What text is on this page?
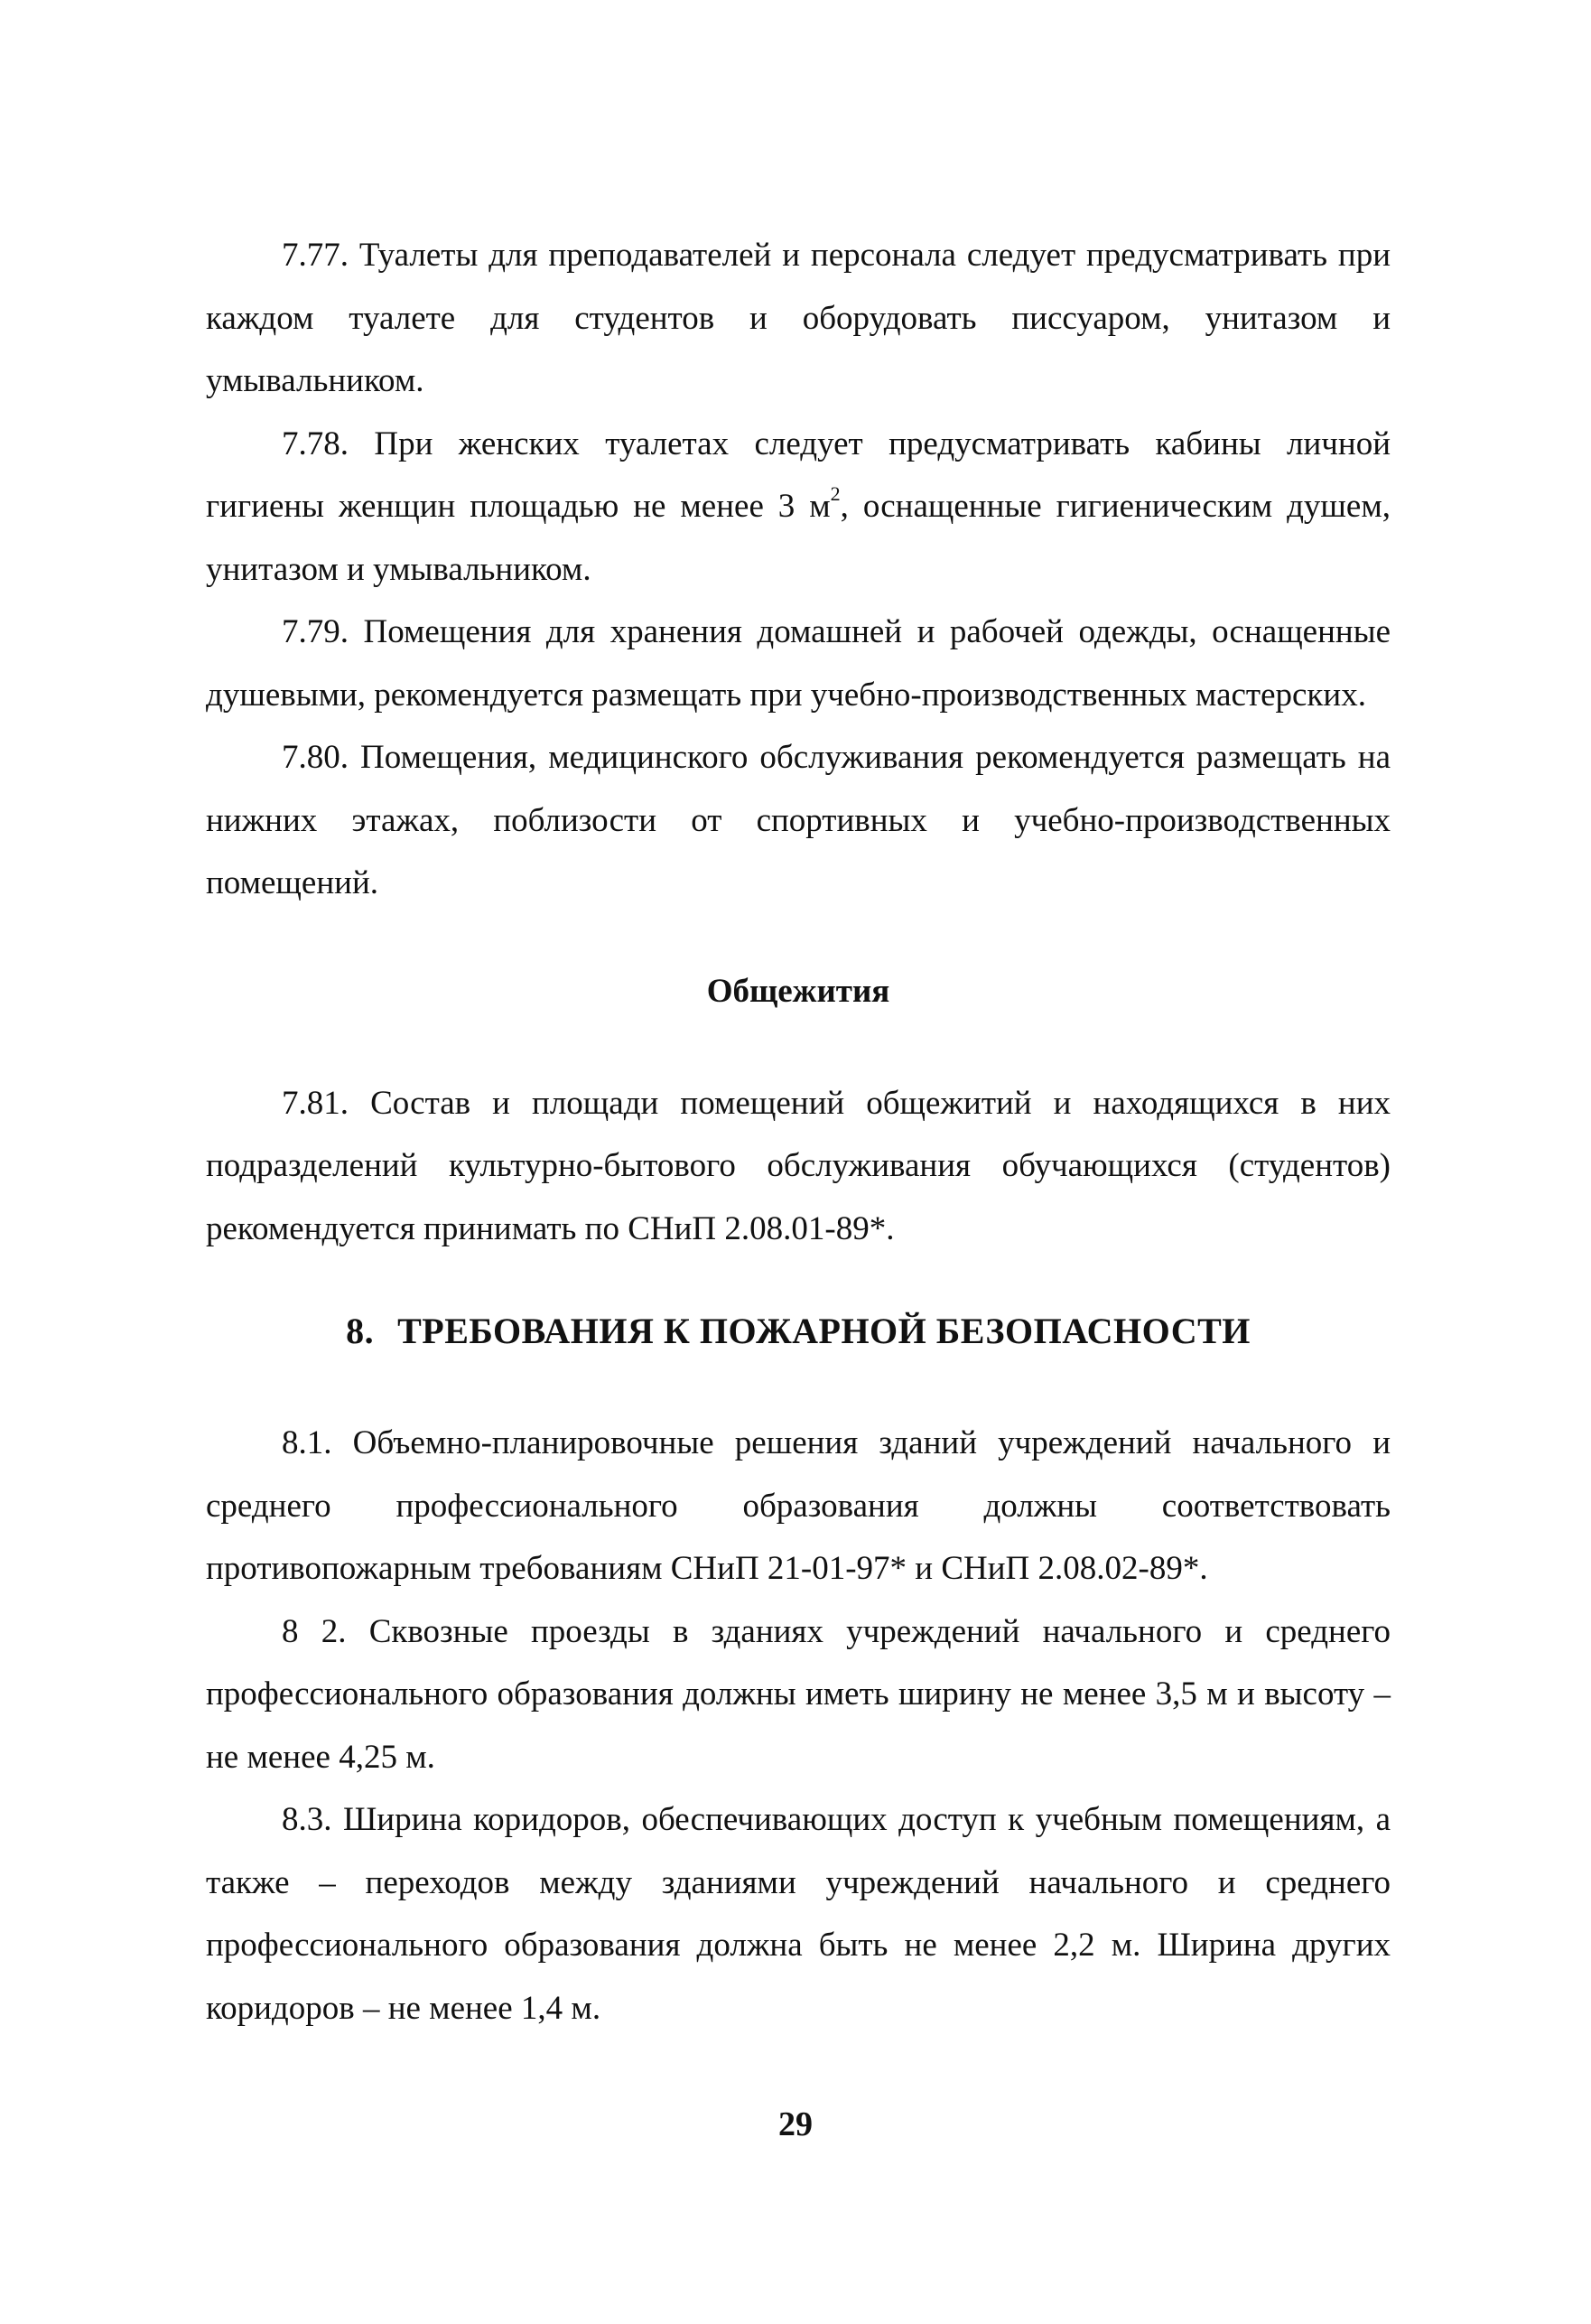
7.77. Туалеты для преподавателей и персонала следует предусматривать при каждом туалете для студентов и оборудовать писсуаром, унитазом и умывальником.

7.78. При женских туалетах следует предусматривать кабины личной гигиены женщин площадью не менее 3 $м^2$, оснащенные гигиеническим душем, унитазом и умывальником.

7.79. Помещения для хранения домашней и рабочей одежды, оснащенные душевыми, рекомендуется размещать при учебно-производственных мастерских.

7.80. Помещения, медицинского обслуживания рекомендуется размещать на нижних этажах, поблизости от спортивных и учебно-производственных помещений.

Общежития

7.81. Состав и площади помещений общежитий и находящихся в них подразделений культурно-бытового обслуживания обучающихся (студентов) рекомендуется принимать по СНиП 2.08.01-89*.

8. ТРЕБОВАНИЯ К ПОЖАРНОЙ БЕЗОПАСНОСТИ

8.1. Объемно-планировочные решения зданий учреждений начального и среднего профессионального образования должны соответствовать противопожарным требованиям СНиП 21-01-97* и СНиП 2.08.02-89*.

8 2. Сквозные проезды в зданиях учреждений начального и среднего профессионального образования должны иметь ширину не менее 3,5 м и высоту – не менее 4,25 м.

8.3. Ширина коридоров, обеспечивающих доступ к учебным помещениям, а также – переходов между зданиями учреждений начального и среднего профессионального образования должна быть не менее 2,2 м. Ширина других коридоров – не менее 1,4 м.

29
